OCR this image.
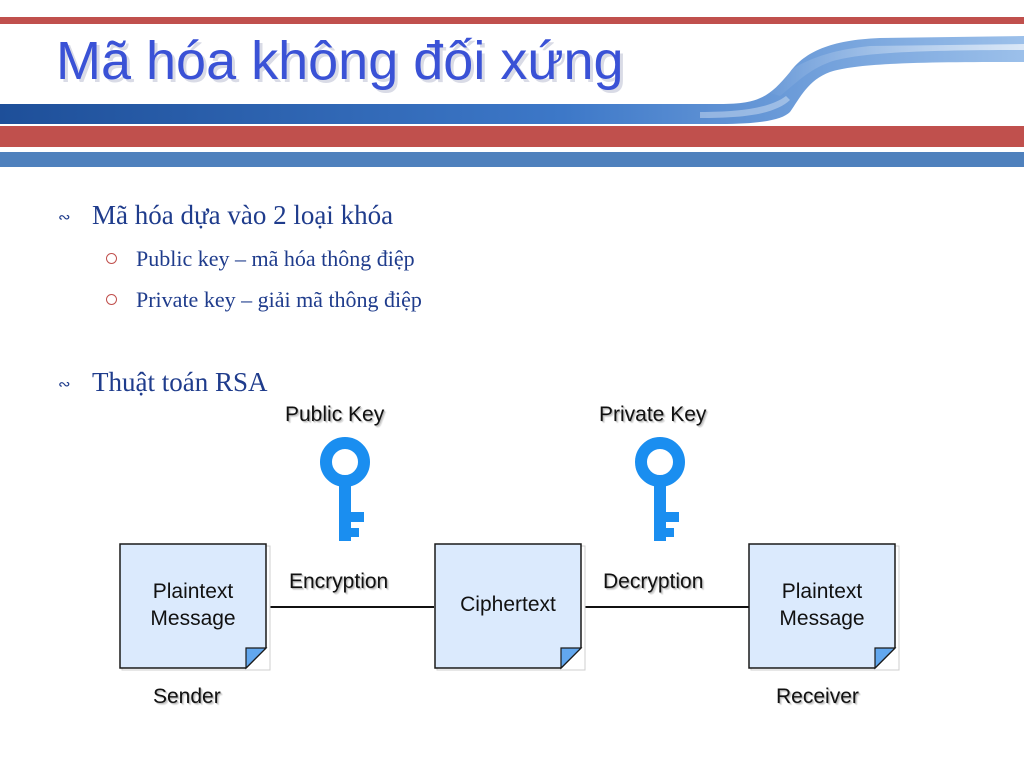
Mã hóa không đối xứng
∾ Mã hóa dựa vào 2 loại khóa
Public key – mã hóa thông điệp
Private key – giải mã thông điệp
∾ Thuật toán RSA
Public Key	Private Key
Plaintext
Message
Ciphertext
Plaintext
Message
Encryption	Decryption
Sender	Receiver
